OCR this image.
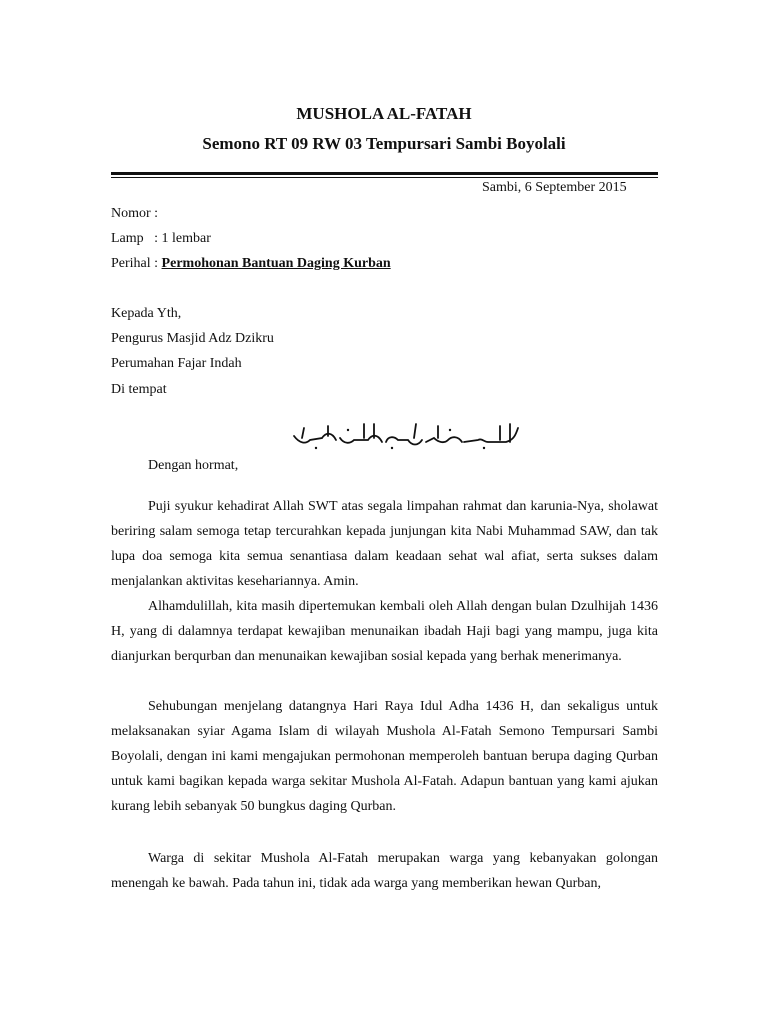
MUSHOLA AL-FATAH
Semono RT 09 RW 03 Tempursari Sambi Boyolali
Sambi, 6 September 2015
Nomor :
Lamp   : 1 lembar
Perihal : Permohonan Bantuan Daging Kurban
Kepada Yth,
Pengurus Masjid Adz Dzikru
Perumahan Fajar Indah
Di tempat
Dengan hormat,
Puji syukur kehadirat Allah SWT atas segala limpahan rahmat dan karunia-Nya, sholawat beriring salam semoga tetap tercurahkan kepada junjungan kita Nabi Muhammad SAW, dan tak lupa doa semoga kita semua senantiasa dalam keadaan sehat wal afiat, serta sukses dalam menjalankan aktivitas kesehariannya. Amin.
Alhamdulillah, kita masih dipertemukan kembali oleh Allah dengan bulan Dzulhijah 1436 H, yang di dalamnya terdapat kewajiban menunaikan ibadah Haji bagi yang mampu, juga kita dianjurkan berqurban dan menunaikan kewajiban sosial kepada yang berhak menerimanya.
Sehubungan menjelang datangnya Hari Raya Idul Adha 1436 H, dan sekaligus untuk melaksanakan syiar Agama Islam di wilayah Mushola Al-Fatah Semono Tempursari Sambi Boyolali, dengan ini kami mengajukan permohonan memperoleh bantuan berupa daging Qurban untuk kami bagikan kepada warga sekitar Mushola Al-Fatah. Adapun bantuan yang kami ajukan kurang lebih sebanyak 50 bungkus daging Qurban.
Warga di sekitar Mushola Al-Fatah merupakan warga yang kebanyakan golongan menengah ke bawah. Pada tahun ini, tidak ada warga yang memberikan hewan Qurban,
